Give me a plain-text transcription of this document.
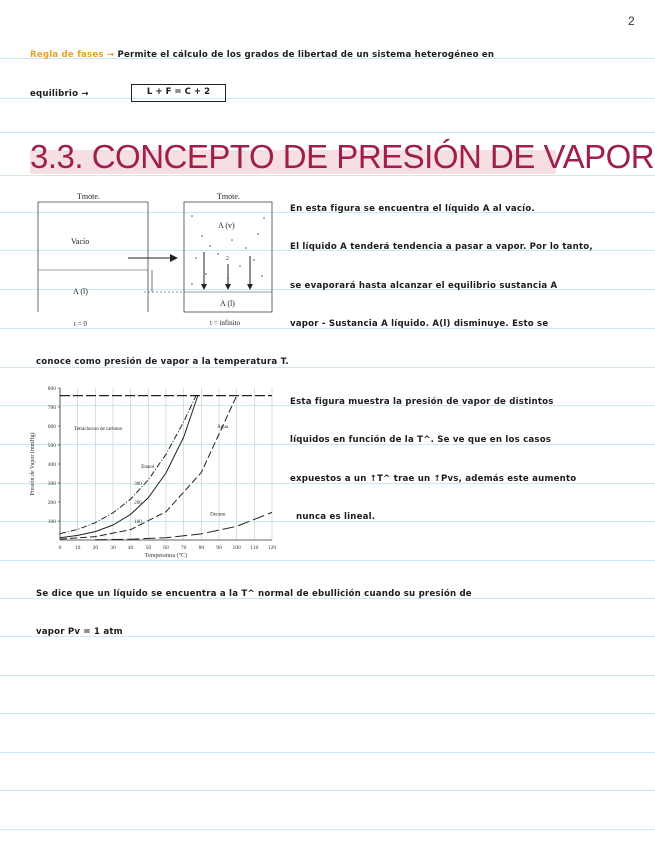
2
Regla de fases → Permite el cálculo de los grados de libertad de un sistema heterogéneo en
equilibrio →	L + F = C + 2
3.3. CONCEPTO DE PRESIÓN DE VAPOR
Tmote.	Tmote.
Vacío
A (l)
t = 0
A (v)
2
A (l)
t = infinito
En esta figura se encuentra el líquido A al vacío.
El líquido A tenderá tendencia a pasar a vapor. Por lo tanto,
se evaporará hasta alcanzar el equilibrio sustancia A
vapor - Sustancia A líquido. A(l) disminuye. Esto se
conoce como presión de vapor a la temperatura T.
0 10 20 30 40 50 60 70 80 90 100 110 120
100
200
300
400
500
600
700
800
300
200
100
Tetracloruro de carbono
Etanol
Agua
Decano
Temperatura (°C)
Presión de Vapor (mmHg)
Esta figura muestra la presión de vapor de distintos
líquidos en función de la T^. Se ve que en los casos
expuestos a un ↑T^ trae un ↑Pvs, además este aumento
nunca es lineal.
Se dice que un líquido se encuentra a la T^ normal de ebullición cuando su presión de
vapor Pv = 1 atm
